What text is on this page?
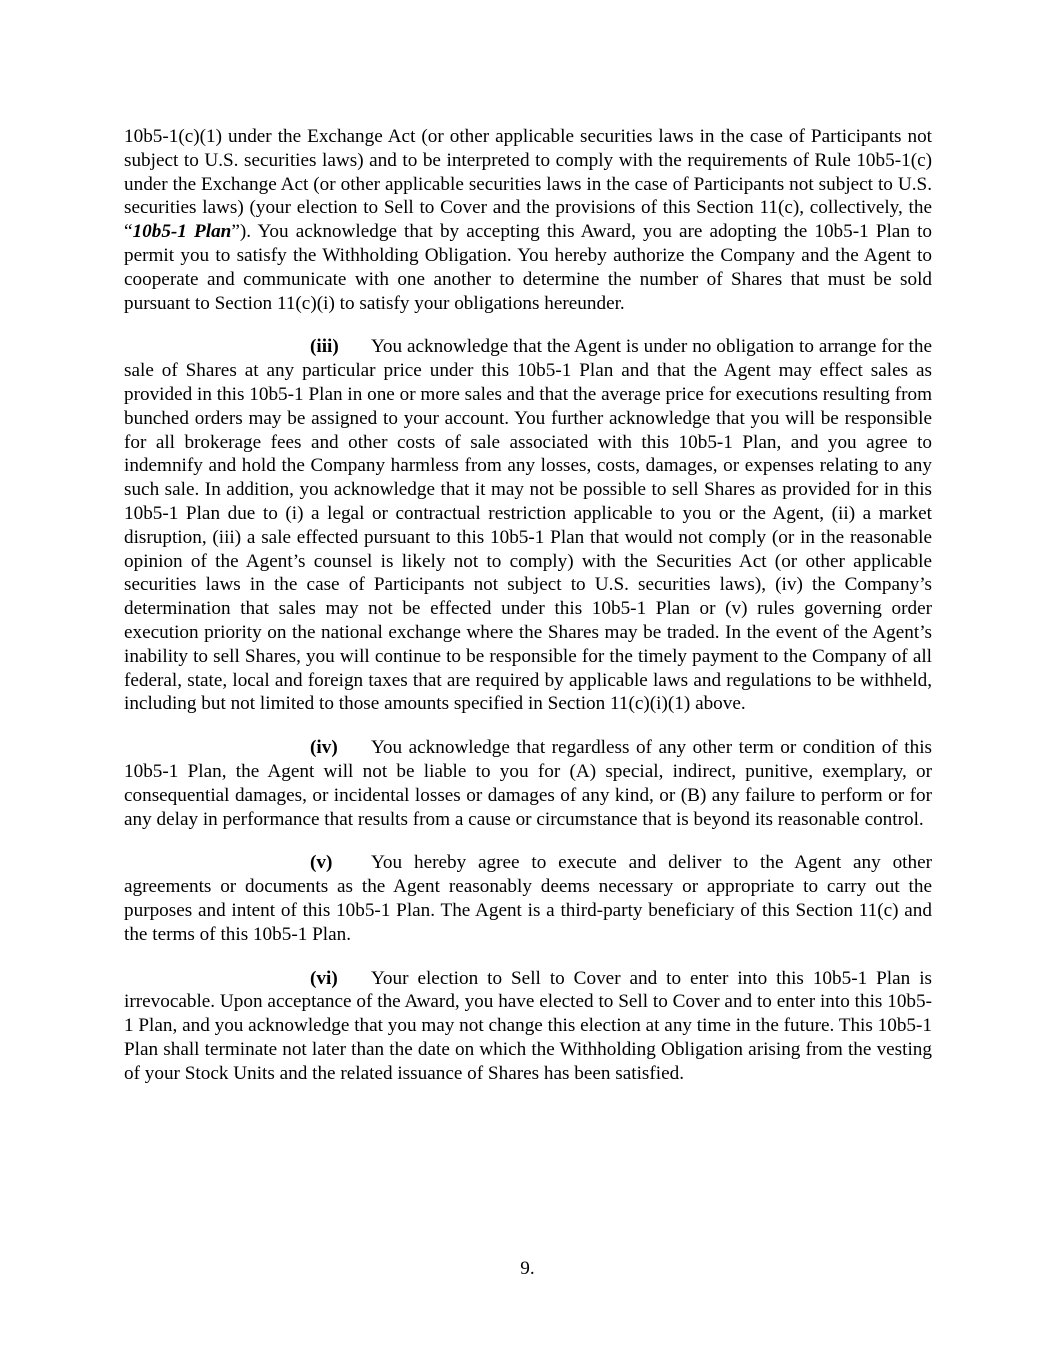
10b5-1(c)(1) under the Exchange Act (or other applicable securities laws in the case of Participants not subject to U.S. securities laws) and to be interpreted to comply with the requirements of Rule 10b5-1(c) under the Exchange Act (or other applicable securities laws in the case of Participants not subject to U.S. securities laws) (your election to Sell to Cover and the provisions of this Section 11(c), collectively, the “10b5-1 Plan”). You acknowledge that by accepting this Award, you are adopting the 10b5-1 Plan to permit you to satisfy the Withholding Obligation. You hereby authorize the Company and the Agent to cooperate and communicate with one another to determine the number of Shares that must be sold pursuant to Section 11(c)(i) to satisfy your obligations hereunder.

(iii) You acknowledge that the Agent is under no obligation to arrange for the sale of Shares at any particular price under this 10b5-1 Plan and that the Agent may effect sales as provided in this 10b5-1 Plan in one or more sales and that the average price for executions resulting from bunched orders may be assigned to your account. You further acknowledge that you will be responsible for all brokerage fees and other costs of sale associated with this 10b5-1 Plan, and you agree to indemnify and hold the Company harmless from any losses, costs, damages, or expenses relating to any such sale. In addition, you acknowledge that it may not be possible to sell Shares as provided for in this 10b5-1 Plan due to (i) a legal or contractual restriction applicable to you or the Agent, (ii) a market disruption, (iii) a sale effected pursuant to this 10b5-1 Plan that would not comply (or in the reasonable opinion of the Agent’s counsel is likely not to comply) with the Securities Act (or other applicable securities laws in the case of Participants not subject to U.S. securities laws), (iv) the Company’s determination that sales may not be effected under this 10b5-1 Plan or (v) rules governing order execution priority on the national exchange where the Shares may be traded. In the event of the Agent’s inability to sell Shares, you will continue to be responsible for the timely payment to the Company of all federal, state, local and foreign taxes that are required by applicable laws and regulations to be withheld, including but not limited to those amounts specified in Section 11(c)(i)(1) above.

(iv) You acknowledge that regardless of any other term or condition of this 10b5-1 Plan, the Agent will not be liable to you for (A) special, indirect, punitive, exemplary, or consequential damages, or incidental losses or damages of any kind, or (B) any failure to perform or for any delay in performance that results from a cause or circumstance that is beyond its reasonable control.

(v) You hereby agree to execute and deliver to the Agent any other agreements or documents as the Agent reasonably deems necessary or appropriate to carry out the purposes and intent of this 10b5-1 Plan. The Agent is a third-party beneficiary of this Section 11(c) and the terms of this 10b5-1 Plan.

(vi) Your election to Sell to Cover and to enter into this 10b5-1 Plan is irrevocable. Upon acceptance of the Award, you have elected to Sell to Cover and to enter into this 10b5-1 Plan, and you acknowledge that you may not change this election at any time in the future. This 10b5-1 Plan shall terminate not later than the date on which the Withholding Obligation arising from the vesting of your Stock Units and the related issuance of Shares has been satisfied.

9.
